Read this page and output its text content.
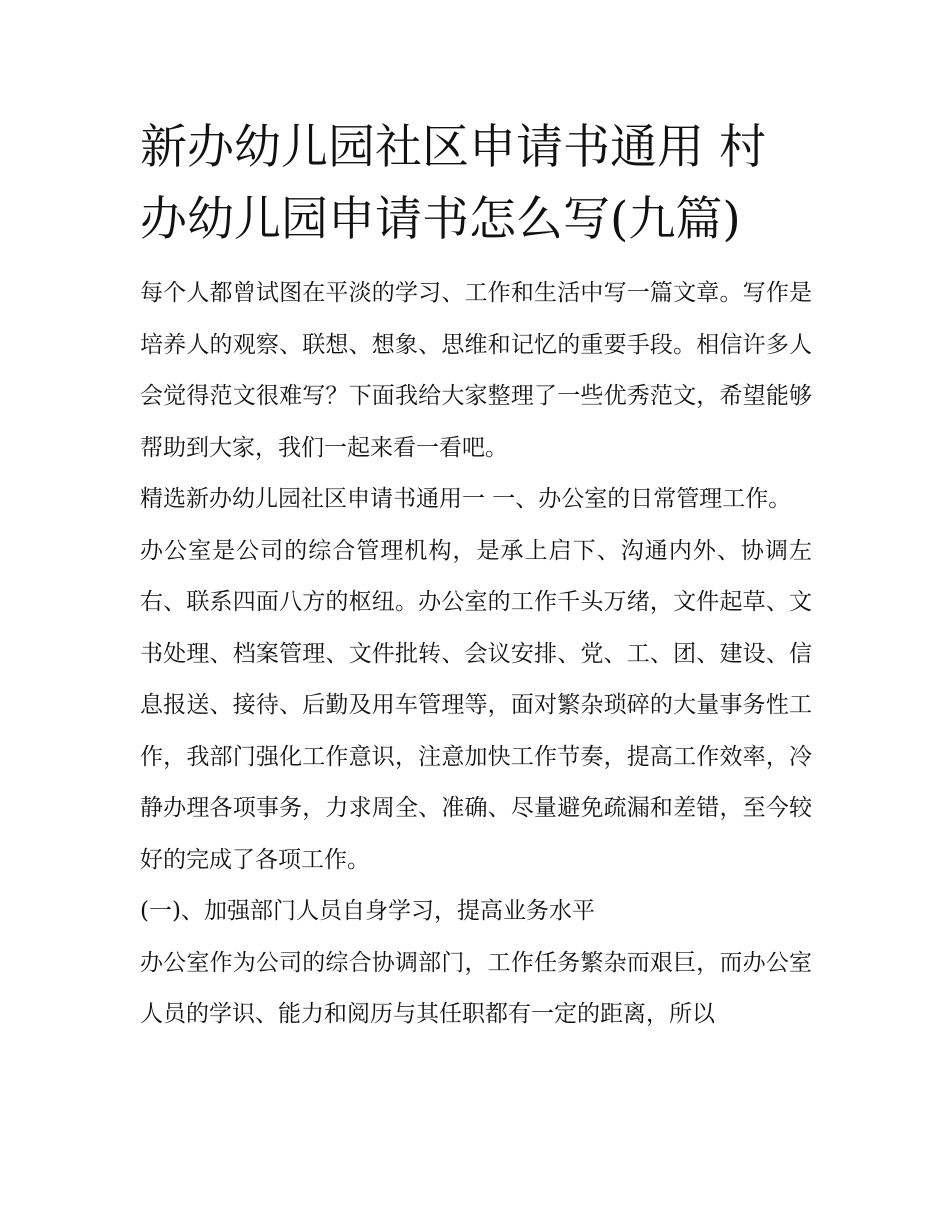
新办幼儿园社区申请书通用 村办幼儿园申请书怎么写(九篇)

每个人都曾试图在平淡的学习、工作和生活中写一篇文章。写作是培养人的观察、联想、想象、思维和记忆的重要手段。相信许多人会觉得范文很难写？下面我给大家整理了一些优秀范文，希望能够帮助到大家，我们一起来看一看吧。

精选新办幼儿园社区申请书通用一 一、办公室的日常管理工作。

办公室是公司的综合管理机构，是承上启下、沟通内外、协调左右、联系四面八方的枢纽。办公室的工作千头万绪，文件起草、文书处理、档案管理、文件批转、会议安排、党、工、团、建设、信息报送、接待、后勤及用车管理等，面对繁杂琐碎的大量事务性工作，我部门强化工作意识，注意加快工作节奏，提高工作效率，冷静办理各项事务，力求周全、准确、尽量避免疏漏和差错，至今较好的完成了各项工作。

(一)、加强部门人员自身学习，提高业务水平

办公室作为公司的综合协调部门，工作任务繁杂而艰巨，而办公室人员的学识、能力和阅历与其任职都有一定的距离，所以
